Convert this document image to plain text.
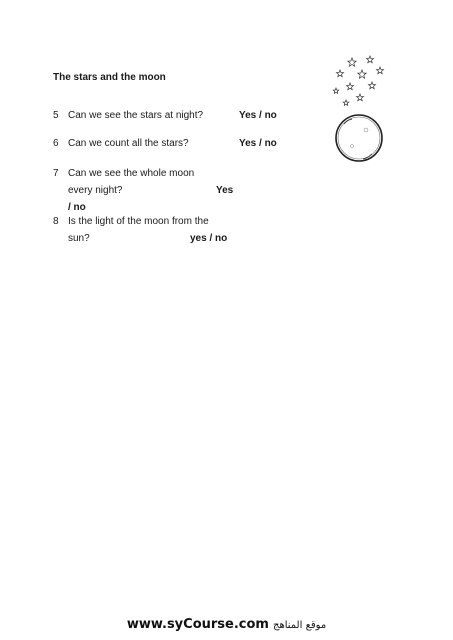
The stars and the moon
5 Can we see the stars at night?	Yes / no
6 Can we count all the stars?	Yes / no
7 Can we see the whole moon
every night?	Yes
/ no
8 Is the light of the moon from the
sun?	yes / no
www.syCourse.com موقع المناهج
